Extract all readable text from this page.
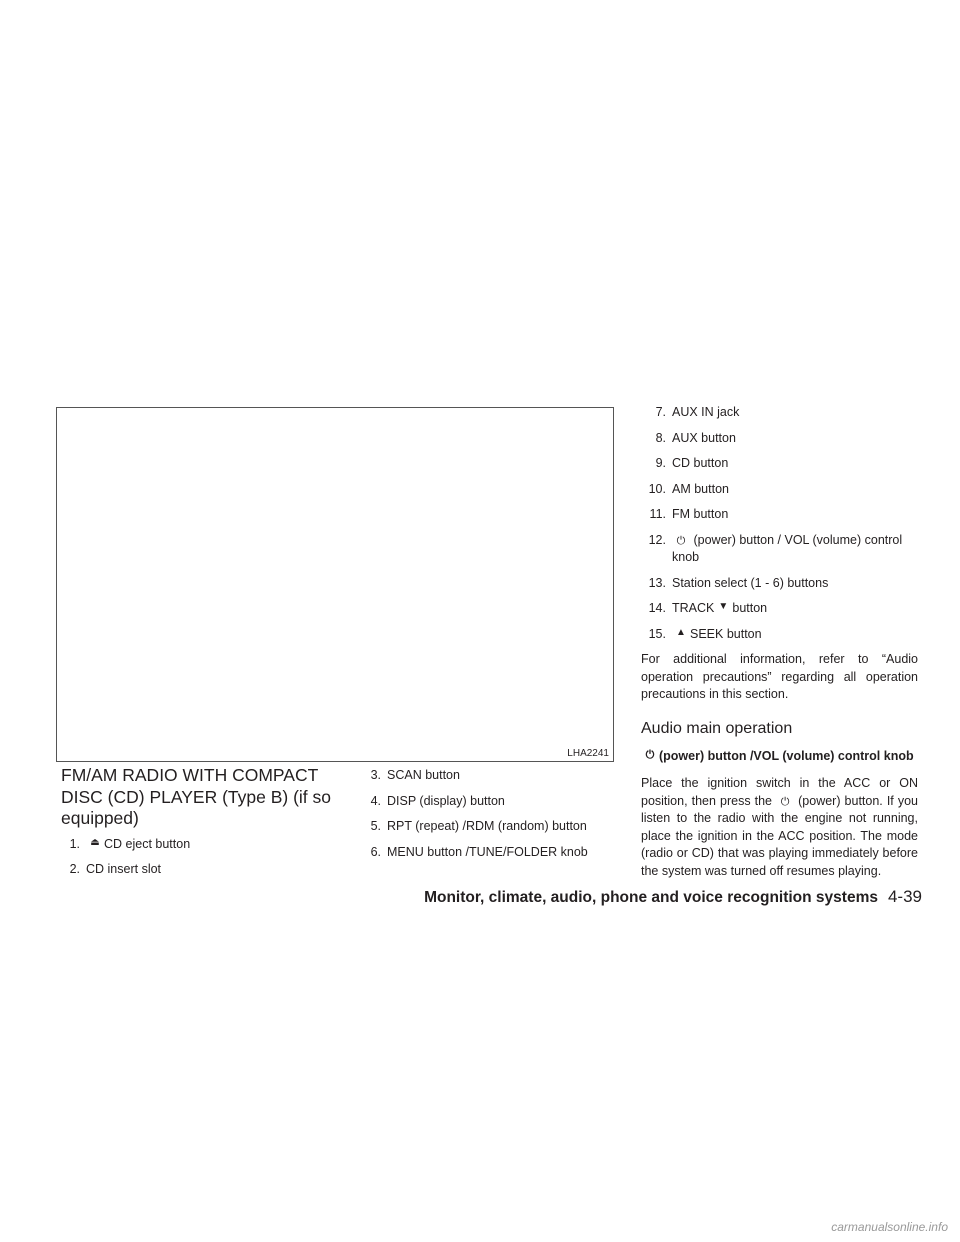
LHA2241
FM/AM RADIO WITH COMPACT DISC (CD) PLAYER (Type B) (if so equipped)
1.	⏏ CD eject button
2. CD insert slot
3. SCAN button
4. DISP (display) button
5. RPT (repeat) /RDM (random) button
6. MENU button /TUNE/FOLDER knob
7. AUX IN jack
8. AUX button
9. CD button
10. AM button
11. FM button
12. ⏻ (power) button / VOL (volume) control knob
13. Station select (1 - 6) buttons
14. TRACK ▼ button
15.	▲ SEEK button
For additional information, refer to “Audio operation precautions” regarding all operation precautions in this section.
Audio main operation
⏻ (power) button /VOL (volume) control knob
Place the ignition switch in the ACC or ON position, then press the ⏻ (power) button. If you listen to the radio with the engine not running, place the ignition in the ACC position. The mode (radio or CD) that was playing immediately before the system was turned off resumes playing.
Monitor, climate, audio, phone and voice recognition systems 4-39
carmanualsonline.info
